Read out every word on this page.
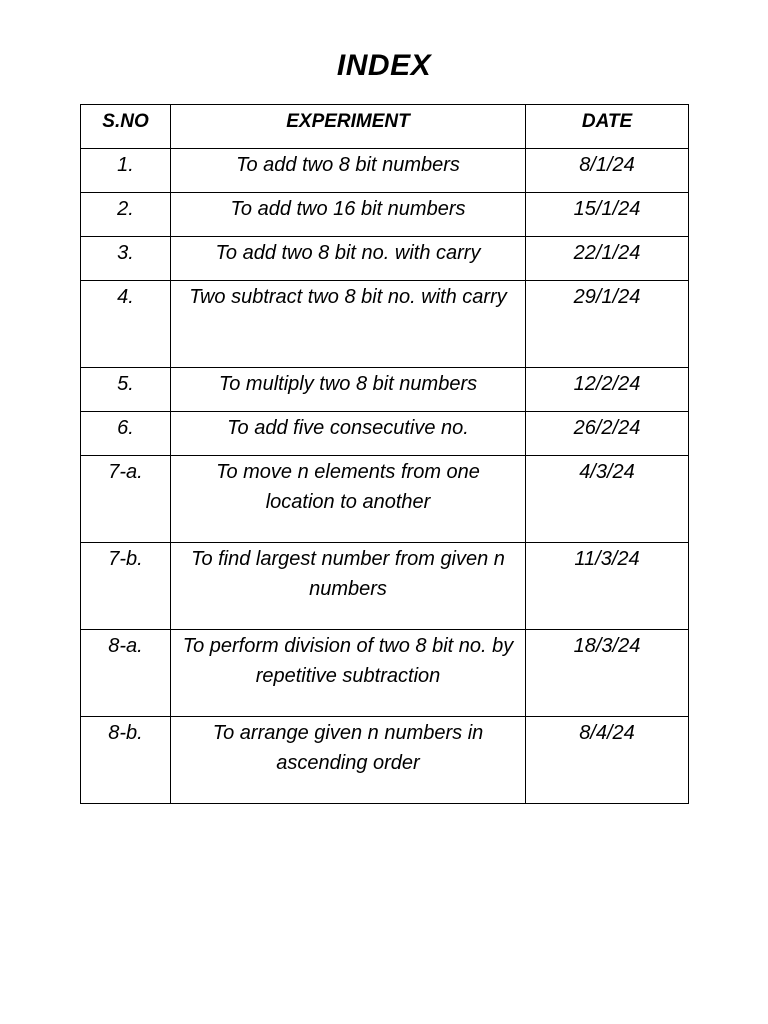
INDEX
S.NO	EXPERIMENT	DATE
1.	To add two 8 bit numbers	8/1/24
2.	To add two 16 bit numbers	15/1/24
3.	To add two 8 bit no. with carry	22/1/24
4.	Two subtract two 8 bit no. with carry	29/1/24
5.	To multiply two 8 bit numbers	12/2/24
6.	To add five consecutive no.	26/2/24
7-a.	To move n elements from one location to another	4/3/24
7-b.	To find largest number from given n numbers	11/3/24
8-a.	To perform division of two 8 bit no. by repetitive subtraction	18/3/24
8-b.	To arrange given n numbers in ascending order	8/4/24
